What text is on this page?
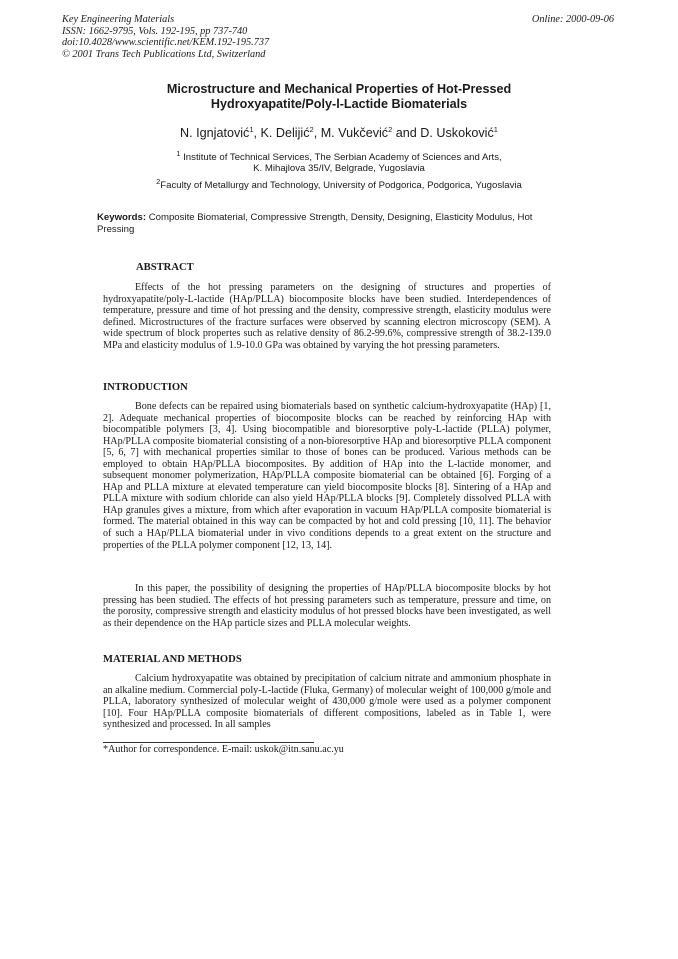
Key Engineering Materials
ISSN: 1662-9795, Vols. 192-195, pp 737-740
doi:10.4028/www.scientific.net/KEM.192-195.737
© 2001 Trans Tech Publications Ltd, Switzerland
Online: 2000-09-06
Microstructure and Mechanical Properties of Hot-Pressed
Hydroxyapatite/Poly-l-Lactide Biomaterials
N. Ignjatović$^1$, K. Delijić$^2$, M. Vukčević$^2$ and D. Uskoković$^1$
$^1$ Institute of Technical Services, The Serbian Academy of Sciences and Arts,
K. Mihajlova 35/IV, Belgrade, Yugoslavia
$^2$Faculty of Metallurgy and Technology, University of Podgorica, Podgorica, Yugoslavia
Keywords: Composite Biomaterial, Compressive Strength, Density, Designing, Elasticity Modulus, Hot Pressing
ABSTRACT

Effects of the hot pressing parameters on the designing of structures and properties of hydroxyapatite/poly-L-lactide (HAp/PLLA) biocomposite blocks have been studied. Interdependences of temperature, pressure and time of hot pressing and the density, compressive strength, elasticity modulus were defined. Microstructures of the fracture surfaces were observed by scanning electron microscopy (SEM). A wide spectrum of block propertes such as relative density of 86.2-99.6%, compressive strength of 38.2-139.0 MPa and elasticity modulus of 1.9-10.0 GPa was obtained by varying the hot pressing parameters.

INTRODUCTION

Bone defects can be repaired using biomaterials based on synthetic calcium-hydroxyapatite (HAp) [1, 2]. Adequate mechanical properties of biocomposite blocks can be reached by reinforcing HAp with biocompatible polymers [3, 4]. Using biocompatible and bioresorptive poly-L-lactide (PLLA) polymer, HAp/PLLA composite biomaterial consisting of a non-bioresorptive HAp and bioresorptive PLLA component [5, 6, 7] with mechanical properties similar to those of bones can be produced. Various methods can be employed to obtain HAp/PLLA biocomposites. By addition of HAp into the L-lactide monomer, and subsequent monomer polymerization, HAp/PLLA composite biomaterial can be obtained [6]. Forging of a HAp and PLLA mixture at elevated temperature can yield biocomposite blocks [8]. Sintering of a HAp and PLLA mixture with sodium chloride can also yield HAp/PLLA blocks [9]. Completely dissolved PLLA with HAp granules gives a mixture, from which after evaporation in vacuum HAp/PLLA composite biomaterial is formed. The material obtained in this way can be compacted by hot and cold pressing [10, 11]. The behavior of such a HAp/PLLA biomaterial under in vivo conditions depends to a great extent on the structure and properties of the PLLA polymer component [12, 13, 14].

In this paper, the possibility of designing the properties of HAp/PLLA biocomposite blocks by hot pressing has been studied. The effects of hot pressing parameters such as temperature, pressure and time, on the porosity, compressive strength and elasticity modulus of hot pressed blocks have been investigated, as well as their dependence on the HAp particle sizes and PLLA molecular weights.

MATERIAL AND METHODS

Calcium hydroxyapatite was obtained by precipitation of calcium nitrate and ammonium phosphate in an alkaline medium. Commercial poly-L-lactide (Fluka, Germany) of molecular weight of 100,000 g/mole and PLLA, laboratory synthesized of molecular weight of 430,000 g/mole were used as a polymer component [10]. Four HAp/PLLA composite biomaterials of different compositions, labeled as in Table 1, were synthesized and processed. In all samples

*Author for correspondence. E-mail: uskok@itn.sanu.ac.yu
